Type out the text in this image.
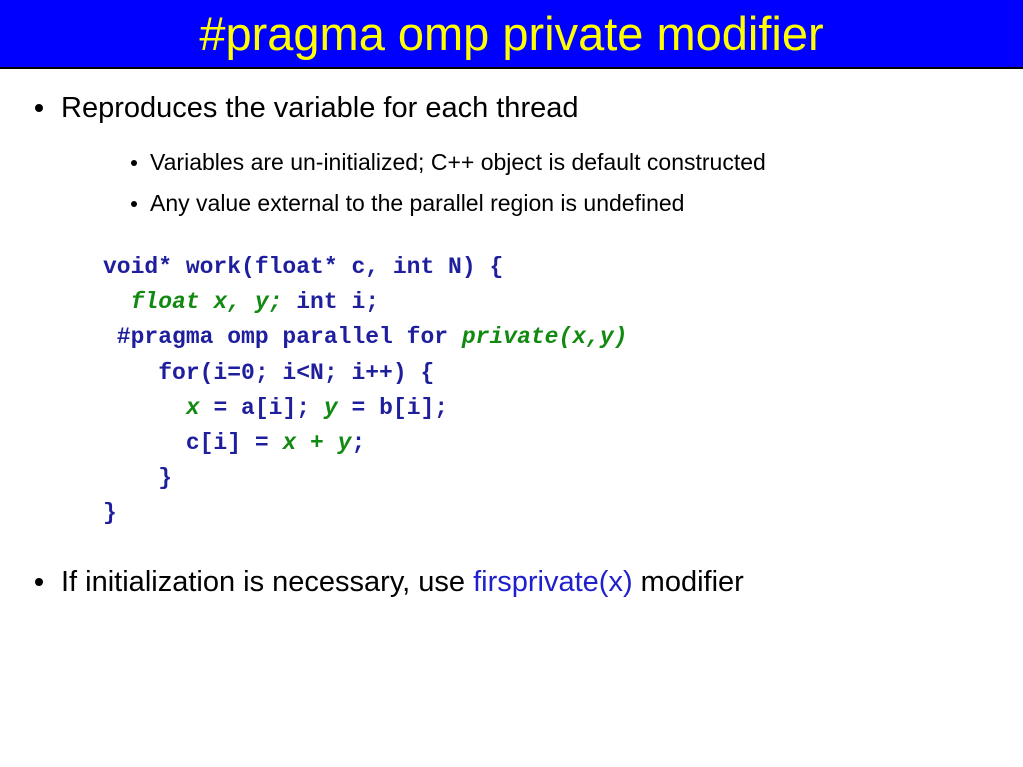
#pragma omp private modifier
Reproduces the variable for each thread
Variables are un-initialized; C++ object is default constructed
Any value external to the parallel region is undefined
void* work(float* c, int N) {
float x, y; int i;
#pragma omp parallel for private(x,y)
for(i=0; i<N; i++) {
x = a[i]; y = b[i];
c[i] = x + y;
}
}
If initialization is necessary, use firsprivate(x) modifier
